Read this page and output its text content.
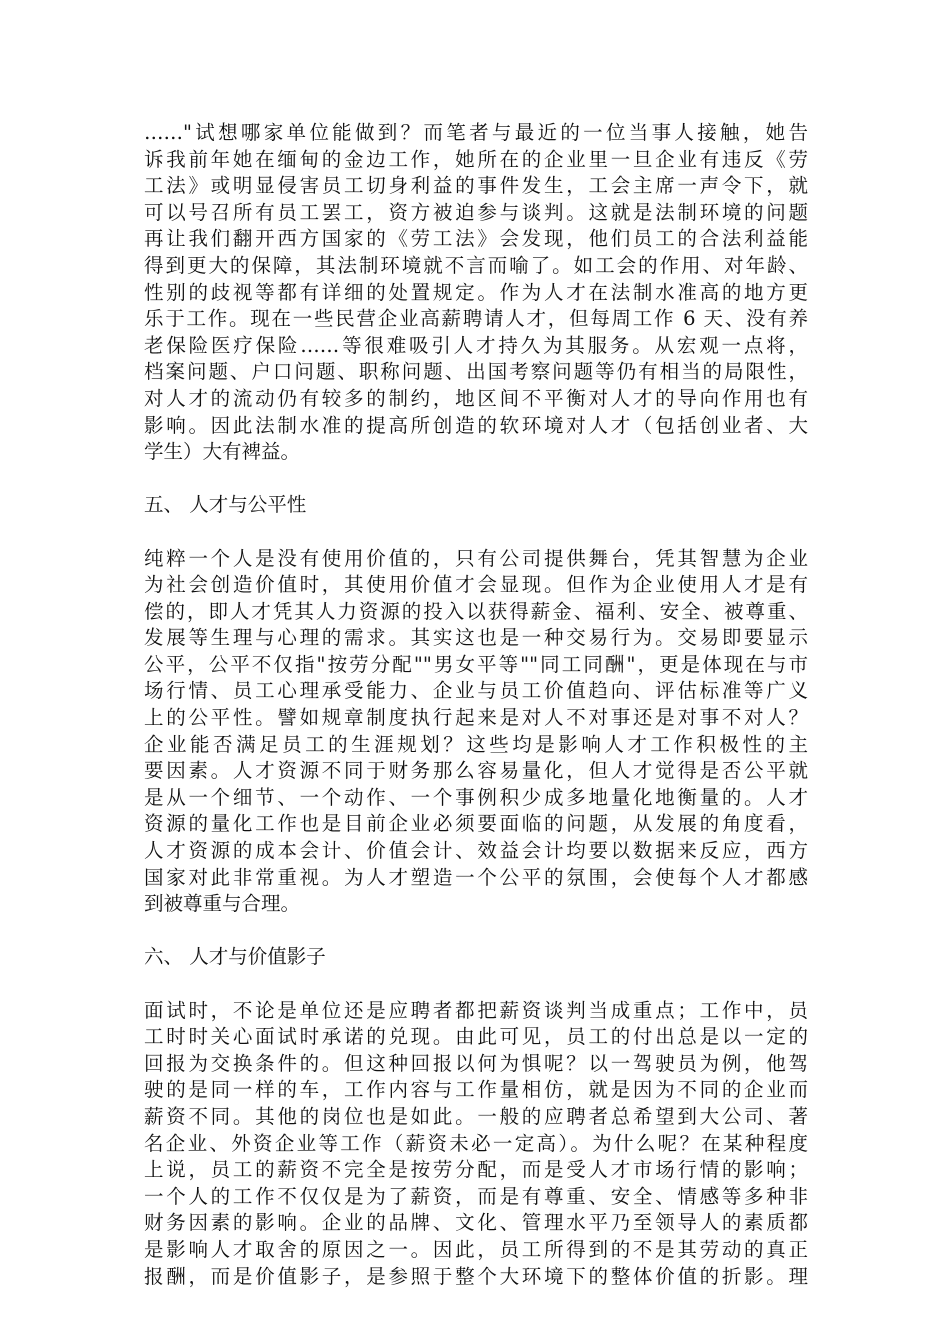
……"试想哪家单位能做到？而笔者与最近的一位当事人接触，她告
诉我前年她在缅甸的金边工作，她所在的企业里一旦企业有违反《劳
工法》或明显侵害员工切身利益的事件发生，工会主席一声令下，就
可以号召所有员工罢工，资方被迫参与谈判。这就是法制环境的问题
再让我们翻开西方国家的《劳工法》会发现，他们员工的合法利益能
得到更大的保障，其法制环境就不言而喻了。如工会的作用、对年龄、
性别的歧视等都有详细的处置规定。作为人才在法制水准高的地方更
乐于工作。现在一些民营企业高薪聘请人才，但每周工作 6 天、没有养
老保险医疗保险……等很难吸引人才持久为其服务。从宏观一点将，
档案问题、户口问题、职称问题、出国考察问题等仍有相当的局限性，
对人才的流动仍有较多的制约，地区间不平衡对人才的导向作用也有
影响。因此法制水准的提高所创造的软环境对人才（包括创业者、大
学生）大有裨益。
五、 人才与公平性
纯粹一个人是没有使用价值的，只有公司提供舞台，凭其智慧为企业
为社会创造价值时，其使用价值才会显现。但作为企业使用人才是有
偿的，即人才凭其人力资源的投入以获得薪金、福利、安全、被尊重、
发展等生理与心理的需求。其实这也是一种交易行为。交易即要显示
公平，公平不仅指"按劳分配""男女平等""同工同酬"，更是体现在与市
场行情、员工心理承受能力、企业与员工价值趋向、评估标准等广义
上的公平性。譬如规章制度执行起来是对人不对事还是对事不对人？
企业能否满足员工的生涯规划？这些均是影响人才工作积极性的主
要因素。人才资源不同于财务那么容易量化，但人才觉得是否公平就
是从一个细节、一个动作、一个事例积少成多地量化地衡量的。人才
资源的量化工作也是目前企业必须要面临的问题，从发展的角度看，
人才资源的成本会计、价值会计、效益会计均要以数据来反应，西方
国家对此非常重视。为人才塑造一个公平的氛围，会使每个人才都感
到被尊重与合理。
六、 人才与价值影子
面试时，不论是单位还是应聘者都把薪资谈判当成重点；工作中，员
工时时关心面试时承诺的兑现。由此可见，员工的付出总是以一定的
回报为交换条件的。但这种回报以何为惧呢？以一驾驶员为例，他驾
驶的是同一样的车，工作内容与工作量相仿，就是因为不同的企业而
薪资不同。其他的岗位也是如此。一般的应聘者总希望到大公司、著
名企业、外资企业等工作（薪资未必一定高）。为什么呢？在某种程度
上说，员工的薪资不完全是按劳分配，而是受人才市场行情的影响；
一个人的工作不仅仅是为了薪资，而是有尊重、安全、情感等多种非
财务因素的影响。企业的品牌、文化、管理水平乃至领导人的素质都
是影响人才取舍的原因之一。因此，员工所得到的不是其劳动的真正
报酬，而是价值影子，是参照于整个大环境下的整体价值的折影。理
